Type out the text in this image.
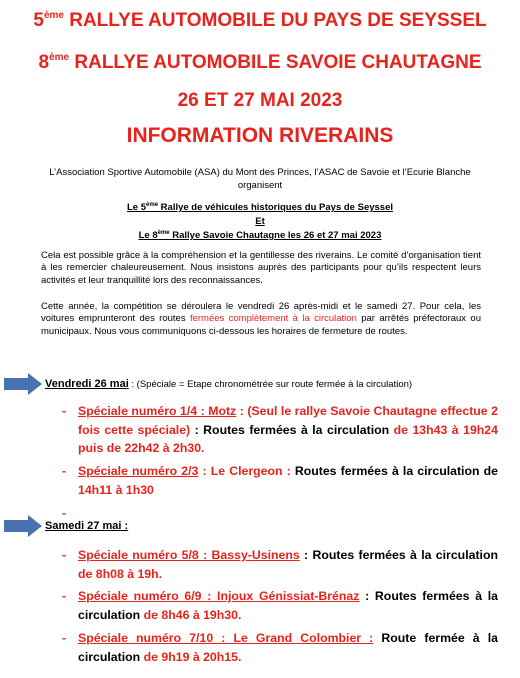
5ème RALLYE AUTOMOBILE DU PAYS DE SEYSSEL
8ème RALLYE AUTOMOBILE SAVOIE CHAUTAGNE
26 ET 27 MAI 2023
INFORMATION RIVERAINS
L’Association Sportive Automobile (ASA) du Mont des Princes, l’ASAC de Savoie et l’Ecurie Blanche
organisent
Le 5ème Rallye de véhicules historiques du Pays de Seyssel
Et
Le 8ème Rallye Savoie Chautagne les 26 et 27 mai 2023
Cela est possible grâce à la compréhension et la gentillesse des riverains. Le comité d’organisation tient à les remercier chaleureusement. Nous insistons auprès des participants pour qu’ils respectent leurs activités et leur tranquillité lors des reconnaissances.
Cette année, la compétition se déroulera le vendredi 26 après-midi et le samedi 27. Pour cela, les voitures emprunteront des routes fermées complètement à la circulation par arrêtés préfectoraux ou municipaux. Nous vous communiquons ci-dessous les horaires de fermeture de routes.
Vendredi 26 mai : (Spéciale = Etape chronométrée sur route fermée à la circulation)
- Spéciale numéro 1/4 : Motz : (Seul le rallye Savoie Chautagne effectue 2 fois cette spéciale) : Routes fermées à la circulation de 13h43 à 19h24 puis de 22h42 à 2h30.
- Spéciale numéro 2/3 : Le Clergeon : Routes fermées à la circulation de 14h11 à 1h30
-

Samedi 27 mai :
- Spéciale numéro 5/8 : Bassy-Usinens : Routes fermées à la circulation de 8h08 à 19h.
- Spéciale numéro 6/9 : Injoux Génissiat-Brénaz : Routes fermées à la circulation de 8h46 à 19h30.
- Spéciale numéro 7/10 : Le Grand Colombier : Route fermée à la circulation de 9h19 à 20h15.
